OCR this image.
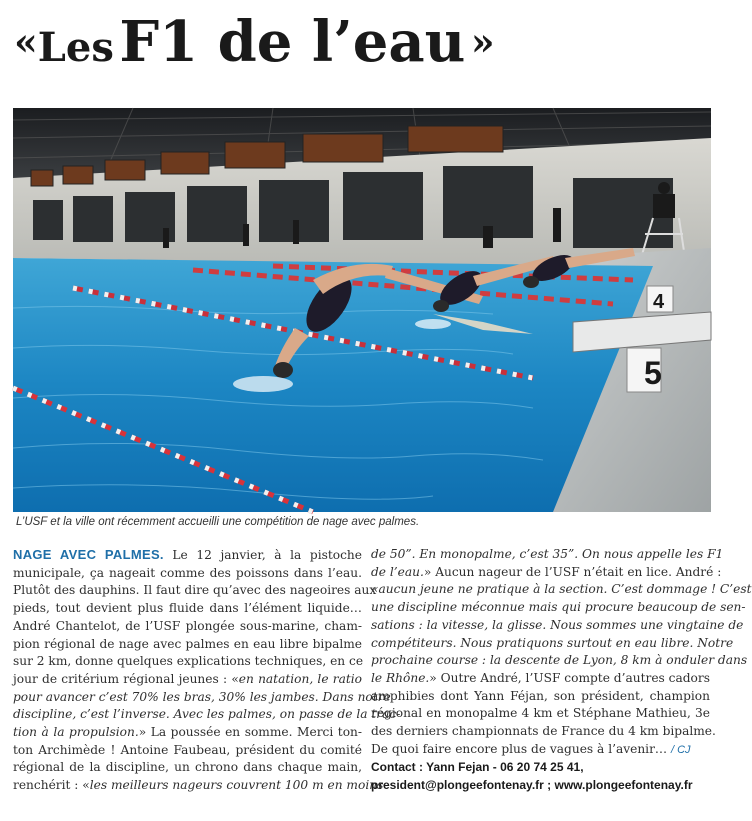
«Les F1 de l’eau »
5
4
L’USF et la ville ont récemment accueilli une compétition de nage avec palmes.
NAGE AVEC PALMES. Le 12 janvier, à la pistoche
municipale, ça nageait comme des poissons dans l’eau.
Plutôt des dauphins. Il faut dire qu’avec des nageoires aux
pieds, tout devient plus fluide dans l’élément liquide…
André Chantelot, de l’USF plongée sous-marine, cham-
pion régional de nage avec palmes en eau libre bipalme
sur 2 km, donne quelques explications techniques, en ce
jour de critérium régional jeunes : «en natation, le ratio
pour avancer c’est 70% les bras, 30% les jambes. Dans notre
discipline, c’est l’inverse. Avec les palmes, on passe de la trac-
tion à la propulsion.» La poussée en somme. Merci ton-
ton Archimède ! Antoine Faubeau, président du comité
régional de la discipline, un chrono dans chaque main,
renchérit : «les meilleurs nageurs couvrent 100 m en moins
de 50”. En monopalme, c’est 35”. On nous appelle les F1
de l’eau.» Aucun nageur de l’USF n’était en lice. André :
«aucun jeune ne pratique à la section. C’est dommage ! C’est
une discipline méconnue mais qui procure beaucoup de sen-
sations : la vitesse, la glisse. Nous sommes une vingtaine de
compétiteurs. Nous pratiquons surtout en eau libre. Notre
prochaine course : la descente de Lyon, 8 km à onduler dans
le Rhône.» Outre André, l’USF compte d’autres cadors
amphibies dont Yann Féjan, son président, champion
régional en monopalme 4 km et Stéphane Mathieu, 3e
des derniers championnats de France du 4 km bipalme.
De quoi faire encore plus de vagues à l’avenir… / CJ
Contact : Yann Fejan - 06 20 74 25 41,
president@plongeefontenay.fr ; www.plongeefontenay.fr
